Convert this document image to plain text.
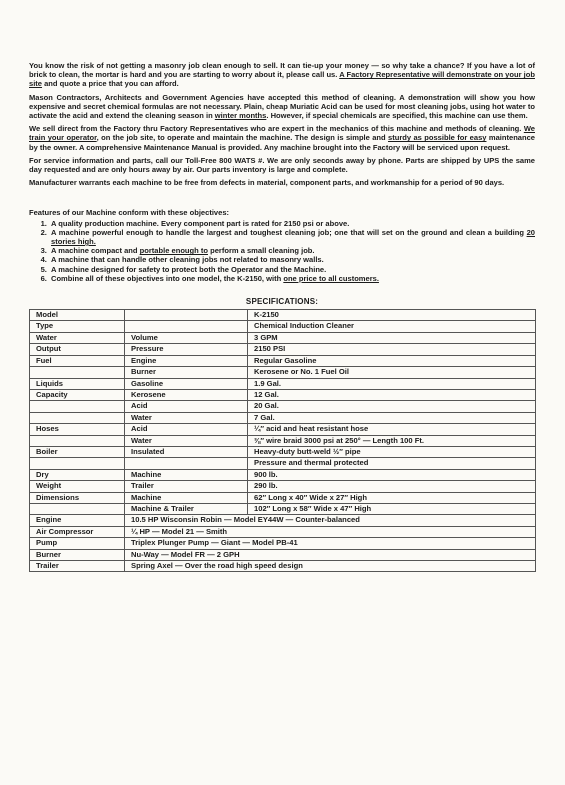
You know the risk of not getting a masonry job clean enough to sell. It can tie-up your money — so why take a chance? If you have a lot of brick to clean, the mortar is hard and you are starting to worry about it, please call us. A Factory Representative will demonstrate on your job site and quote a price that you can afford.

Mason Contractors, Architects and Government Agencies have accepted this method of cleaning. A demonstration will show you how expensive and secret chemical formulas are not necessary. Plain, cheap Muriatic Acid can be used for most cleaning jobs, using hot water to activate the acid and extend the cleaning season in winter months. However, if special chemicals are specified, this machine can use them.

We sell direct from the Factory thru Factory Representatives who are expert in the mechanics of this machine and methods of cleaning. We train your operator, on the job site, to operate and maintain the machine. The design is simple and sturdy as possible for easy maintenance by the owner. A comprehensive Maintenance Manual is provided. Any machine brought into the Factory will be serviced upon request.

For service information and parts, call our Toll-Free 800 WATS #. We are only seconds away by phone. Parts are shipped by UPS the same day requested and are only hours away by air. Our parts inventory is large and complete.

Manufacturer warrants each machine to be free from defects in material, component parts, and workmanship for a period of 90 days.

Features of our Machine conform with these objectives:
1. A quality production machine. Every component part is rated for 2150 psi or above.
2. A machine powerful enough to handle the largest and toughest cleaning job; one that will set on the ground and clean a building 20 stories high.
3. A machine compact and portable enough to perform a small cleaning job.
4. A machine that can handle other cleaning jobs not related to masonry walls.
5. A machine designed for safety to protect both the Operator and the Machine.
6. Combine all of these objectives into one model, the K-2150, with one price to all customers.
SPECIFICATIONS:
Model		K-2150
Type		Chemical Induction Cleaner
Water	Volume	3 GPM
Output	Pressure	2150 PSI
Fuel	Engine	Regular Gasoline
	Burner	Kerosene or No. 1 Fuel Oil
Liquids	Gasoline	1.9 Gal.
Capacity	Kerosene	12 Gal.
	Acid	20 Gal.
	Water	7 Gal.
Hoses	Acid	¼″ acid and heat resistant hose
	Water	⅜″ wire braid 3000 psi at 250° — Length 100 Ft.
Boiler	Insulated	Heavy-duty butt-weld ½″ pipe
		Pressure and thermal protected
Dry	Machine	900 lb.
Weight	Trailer	290 lb.
Dimensions	Machine	62″ Long x 40″ Wide x 27″ High
	Machine & Trailer	102″ Long x 58″ Wide x 47″ High
Engine	10.5 HP Wisconsin Robin — Model EY44W — Counter-balanced	
Air Compressor	¼ HP — Model 21 — Smith	
Pump	Triplex Plunger Pump — Giant — Model PB-41	
Burner	Nu-Way — Model FR — 2 GPH	
Trailer	Spring Axel — Over the road high speed design	
